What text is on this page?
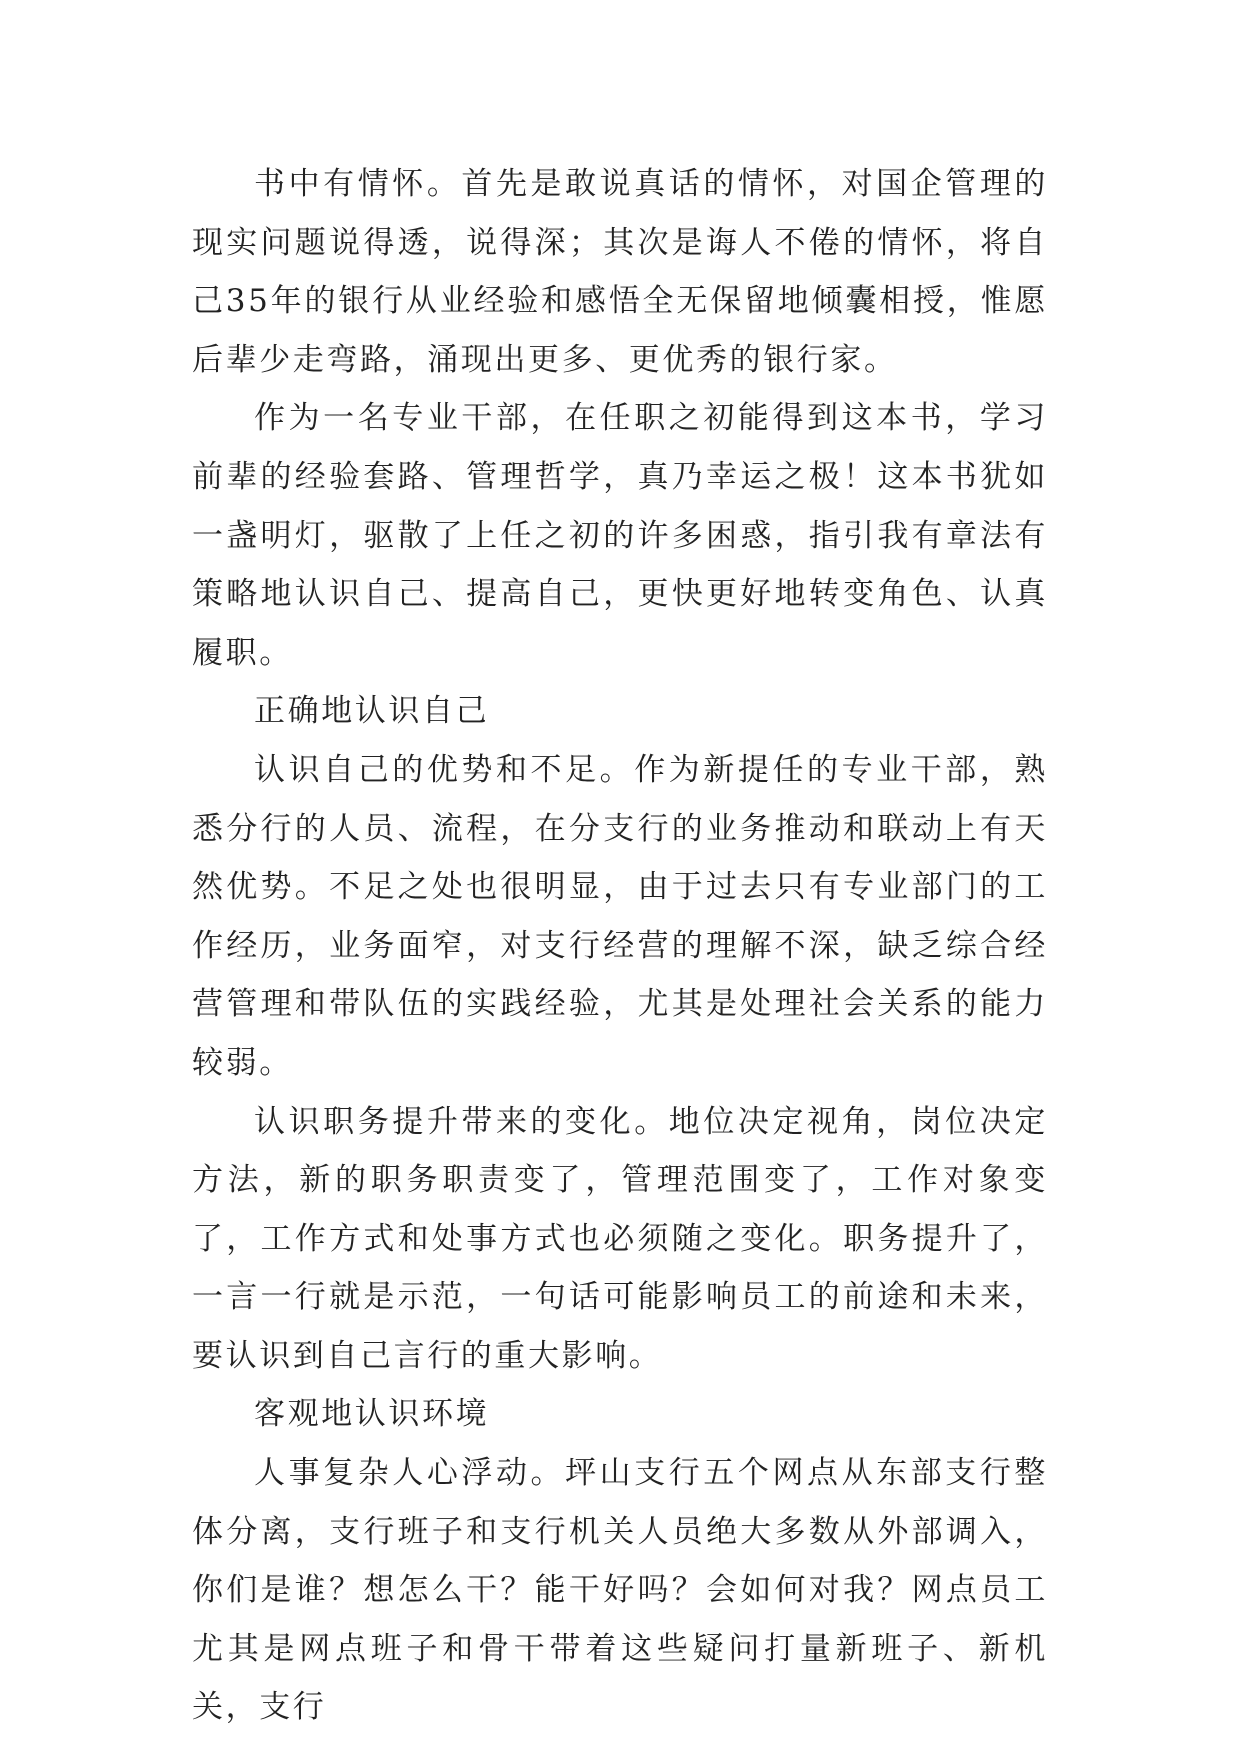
书中有情怀。首先是敢说真话的情怀，对国企管理的现实问题说得透，说得深；其次是诲人不倦的情怀，将自己35年的银行从业经验和感悟全无保留地倾囊相授，惟愿后辈少走弯路，涌现出更多、更优秀的银行家。

作为一名专业干部，在任职之初能得到这本书，学习前辈的经验套路、管理哲学，真乃幸运之极！这本书犹如一盏明灯，驱散了上任之初的许多困惑，指引我有章法有策略地认识自己、提高自己，更快更好地转变角色、认真履职。

正确地认识自己

认识自己的优势和不足。作为新提任的专业干部，熟悉分行的人员、流程，在分支行的业务推动和联动上有天然优势。不足之处也很明显，由于过去只有专业部门的工作经历，业务面窄，对支行经营的理解不深，缺乏综合经营管理和带队伍的实践经验，尤其是处理社会关系的能力较弱。

认识职务提升带来的变化。地位决定视角，岗位决定方法，新的职务职责变了，管理范围变了，工作对象变了，工作方式和处事方式也必须随之变化。职务提升了，一言一行就是示范，一句话可能影响员工的前途和未来，要认识到自己言行的重大影响。

客观地认识环境

人事复杂人心浮动。坪山支行五个网点从东部支行整体分离，支行班子和支行机关人员绝大多数从外部调入，你们是谁？想怎么干？能干好吗？会如何对我？网点员工尤其是网点班子和骨干带着这些疑问打量新班子、新机关，支行
